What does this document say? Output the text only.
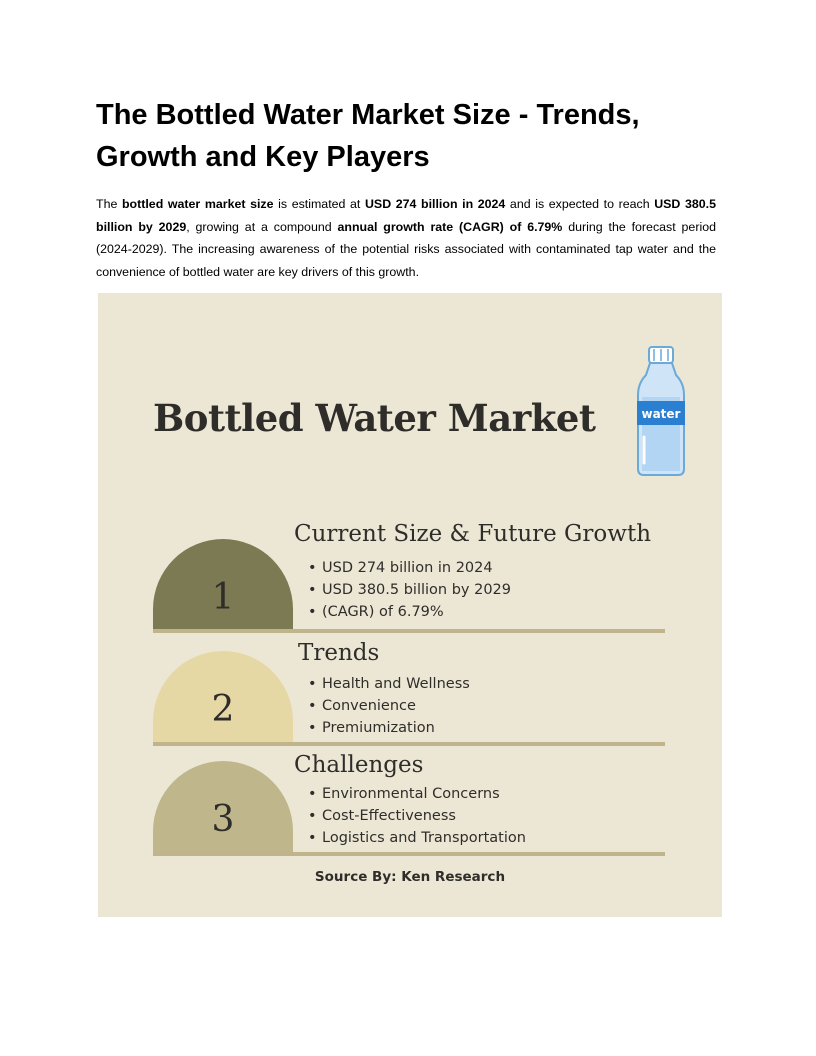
The Bottled Water Market Size - Trends, Growth and Key Players

The bottled water market size is estimated at USD 274 billion in 2024 and is expected to reach USD 380.5 billion by 2029, growing at a compound annual growth rate (CAGR) of 6.79% during the forecast period (2024-2029). The increasing awareness of the potential risks associated with contaminated tap water and the convenience of bottled water are key drivers of this growth.

Bottled Water Market	water
1
Current Size & Future Growth
• USD 274 billion in 2024
• USD 380.5 billion by 2029
• (CAGR) of 6.79%
2
Trends
• Health and Wellness
• Convenience
• Premiumization
3
Challenges
• Environmental Concerns
• Cost-Effectiveness
• Logistics and Transportation
Source By: Ken Research
